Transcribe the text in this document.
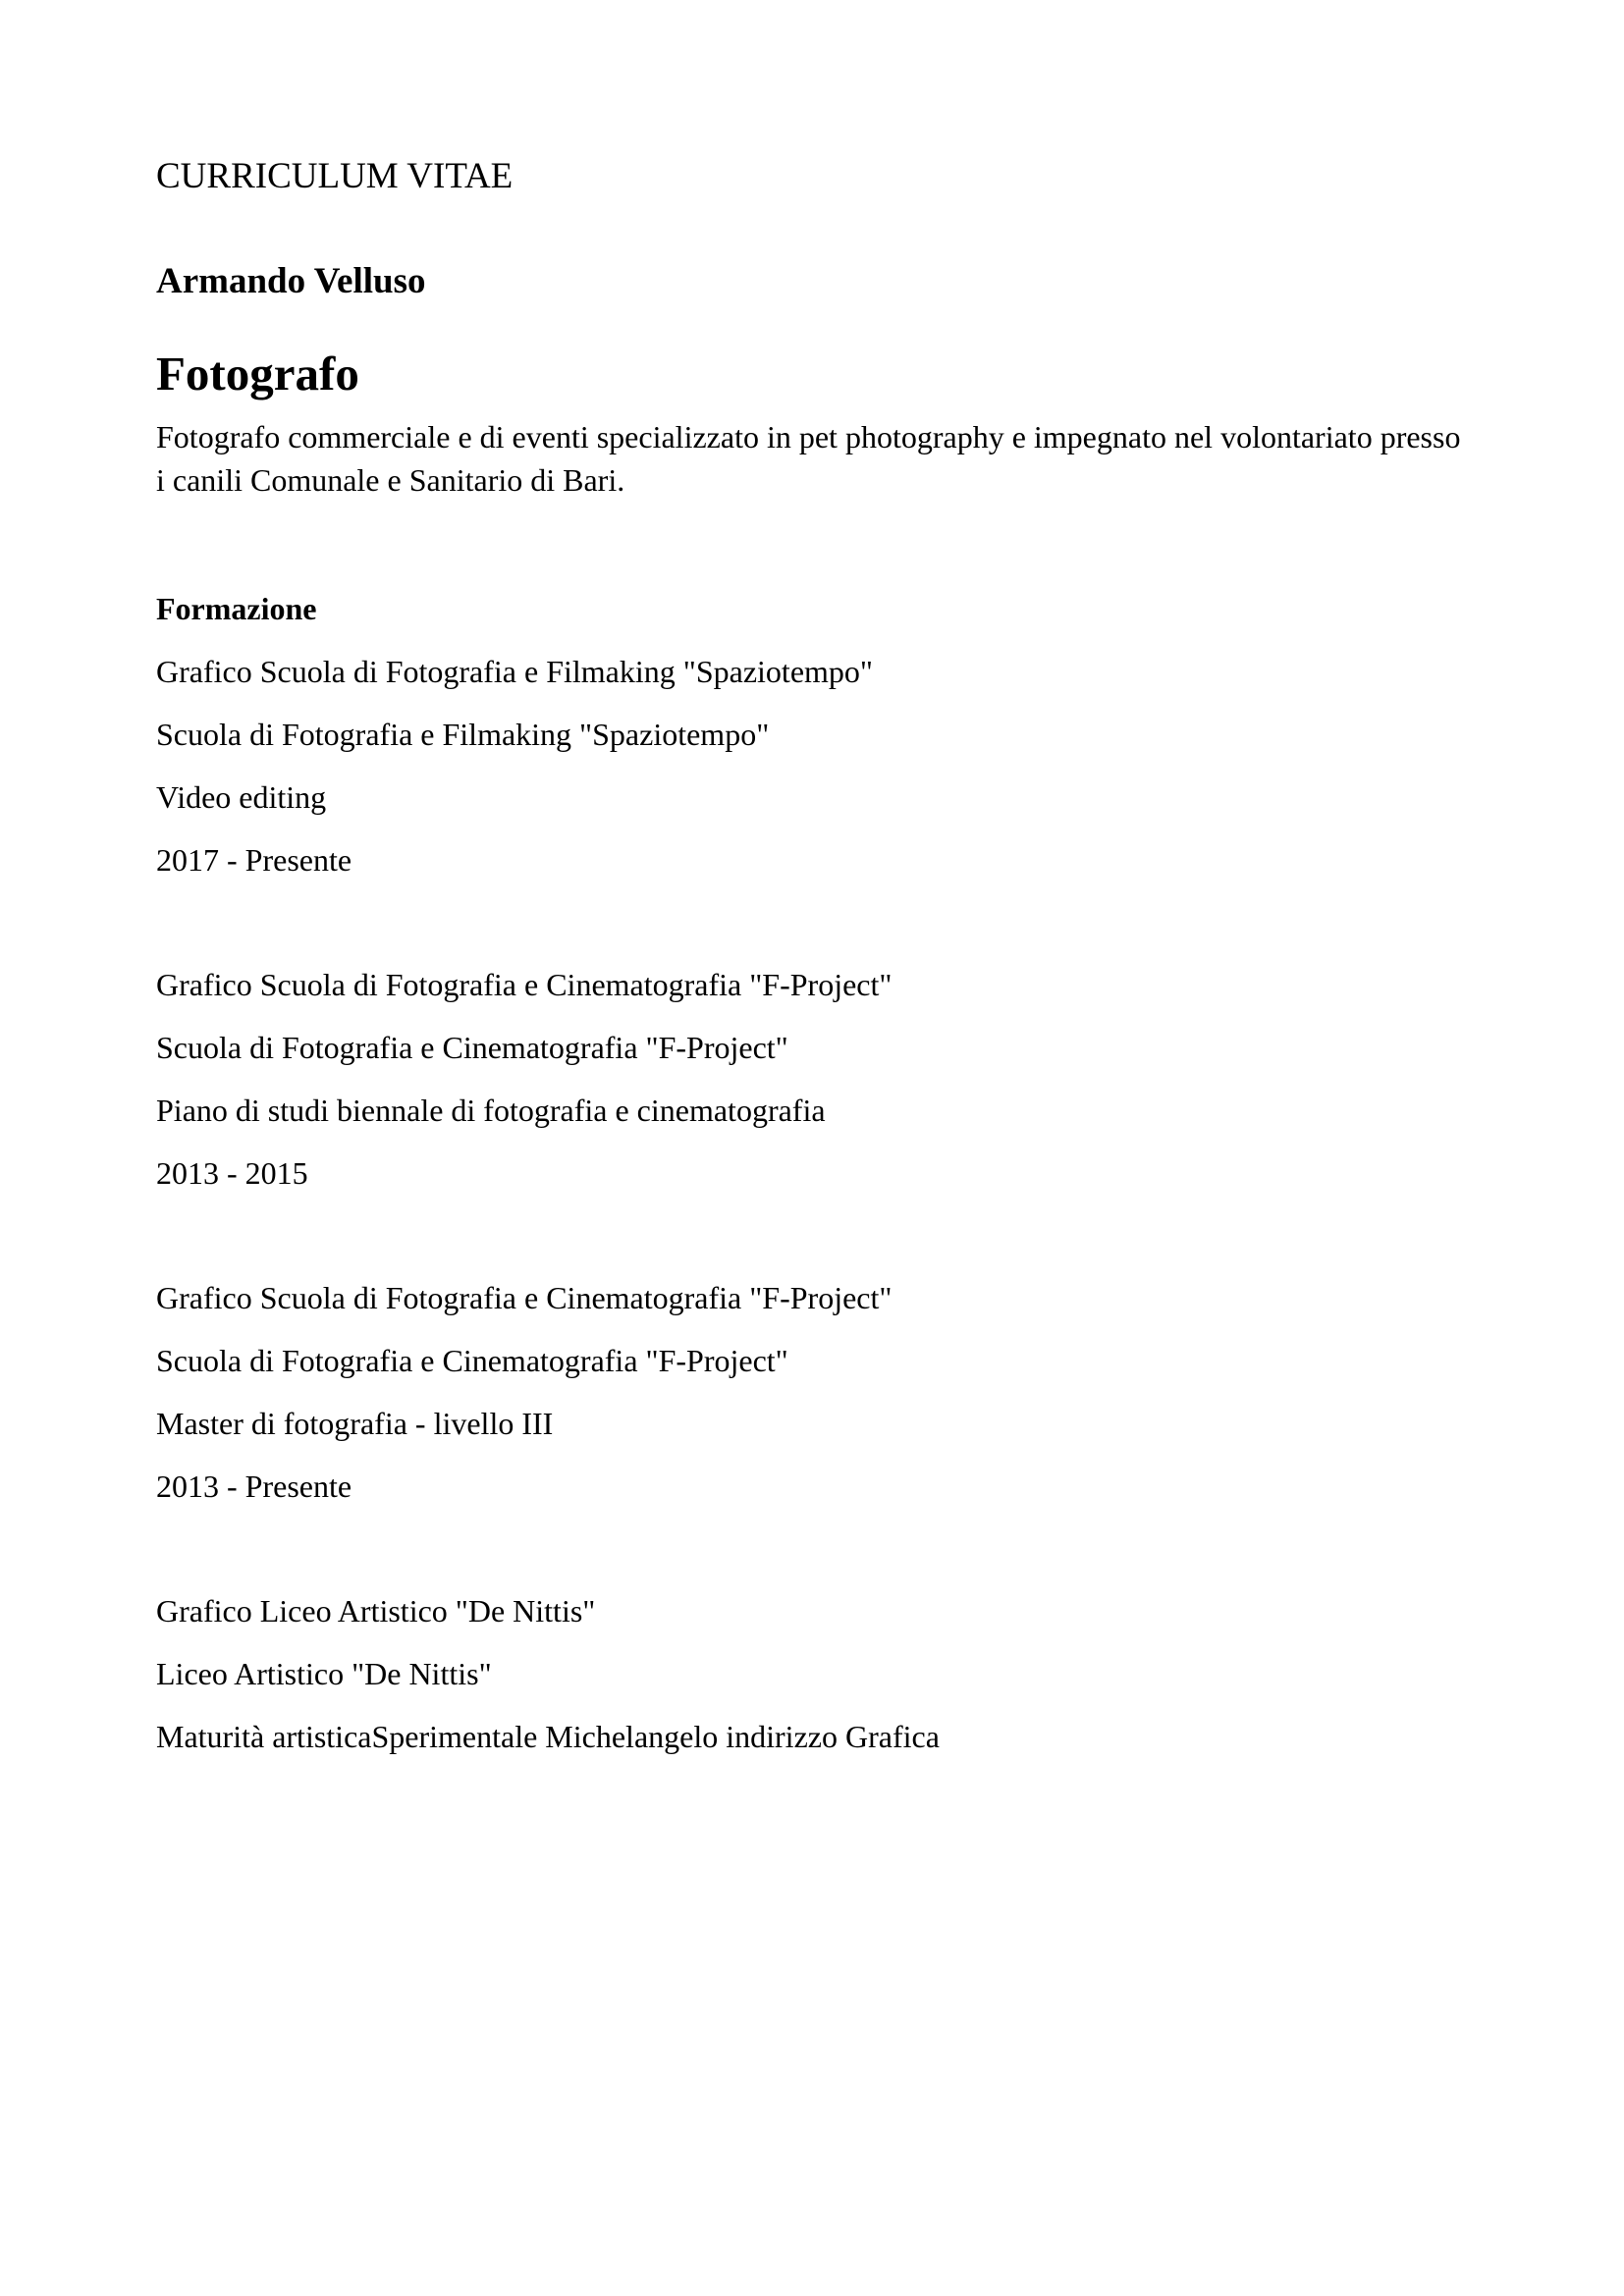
CURRICULUM VITAE
Armando Velluso
Fotografo
Fotografo commerciale e di eventi specializzato in pet photography e impegnato nel volontariato presso i canili Comunale e Sanitario di Bari.
Formazione
Grafico Scuola di Fotografia e Filmaking "Spaziotempo"
Scuola di Fotografia e Filmaking "Spaziotempo"
Video editing
2017 - Presente
Grafico Scuola di Fotografia e Cinematografia "F-Project"
Scuola di Fotografia e Cinematografia "F-Project"
Piano di studi biennale di fotografia e cinematografia
2013 - 2015
Grafico Scuola di Fotografia e Cinematografia "F-Project"
Scuola di Fotografia e Cinematografia "F-Project"
Master di fotografia - livello III
2013 - Presente
Grafico Liceo Artistico "De Nittis"
Liceo Artistico "De Nittis"
Maturità artisticaSperimentale Michelangelo indirizzo Grafica
